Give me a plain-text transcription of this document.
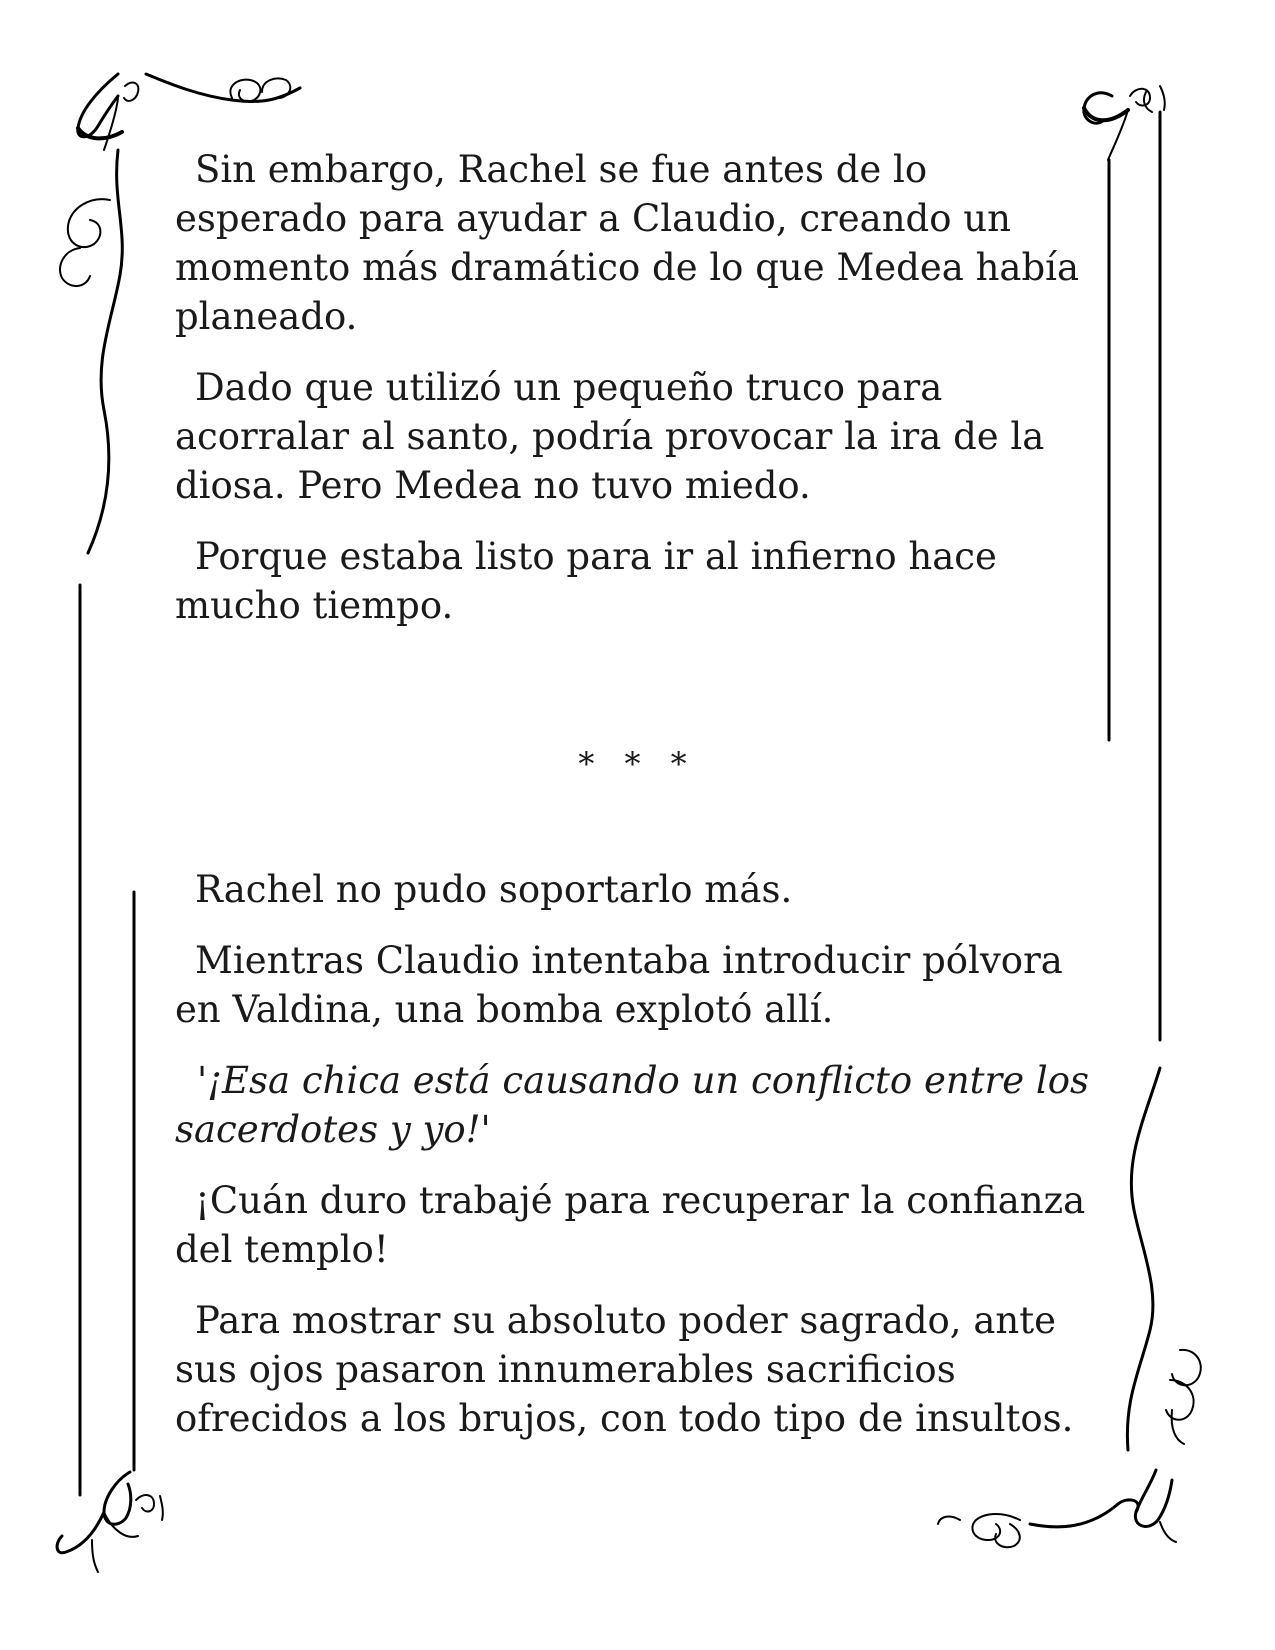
Sin embargo, Rachel se fue antes de lo esperado para ayudar a Claudio, creando un momento más dramático de lo que Medea había planeado.

Dado que utilizó un pequeño truco para acorralar al santo, podría provocar la ira de la diosa. Pero Medea no tuvo miedo.

Porque estaba listo para ir al infierno hace mucho tiempo.

* * *

Rachel no pudo soportarlo más.

Mientras Claudio intentaba introducir pólvora en Valdina, una bomba explotó allí.

'¡Esa chica está causando un conflicto entre los sacerdotes y yo!'

¡Cuán duro trabajé para recuperar la confianza del templo!

Para mostrar su absoluto poder sagrado, ante sus ojos pasaron innumerables sacrificios ofrecidos a los brujos, con todo tipo de insultos.
